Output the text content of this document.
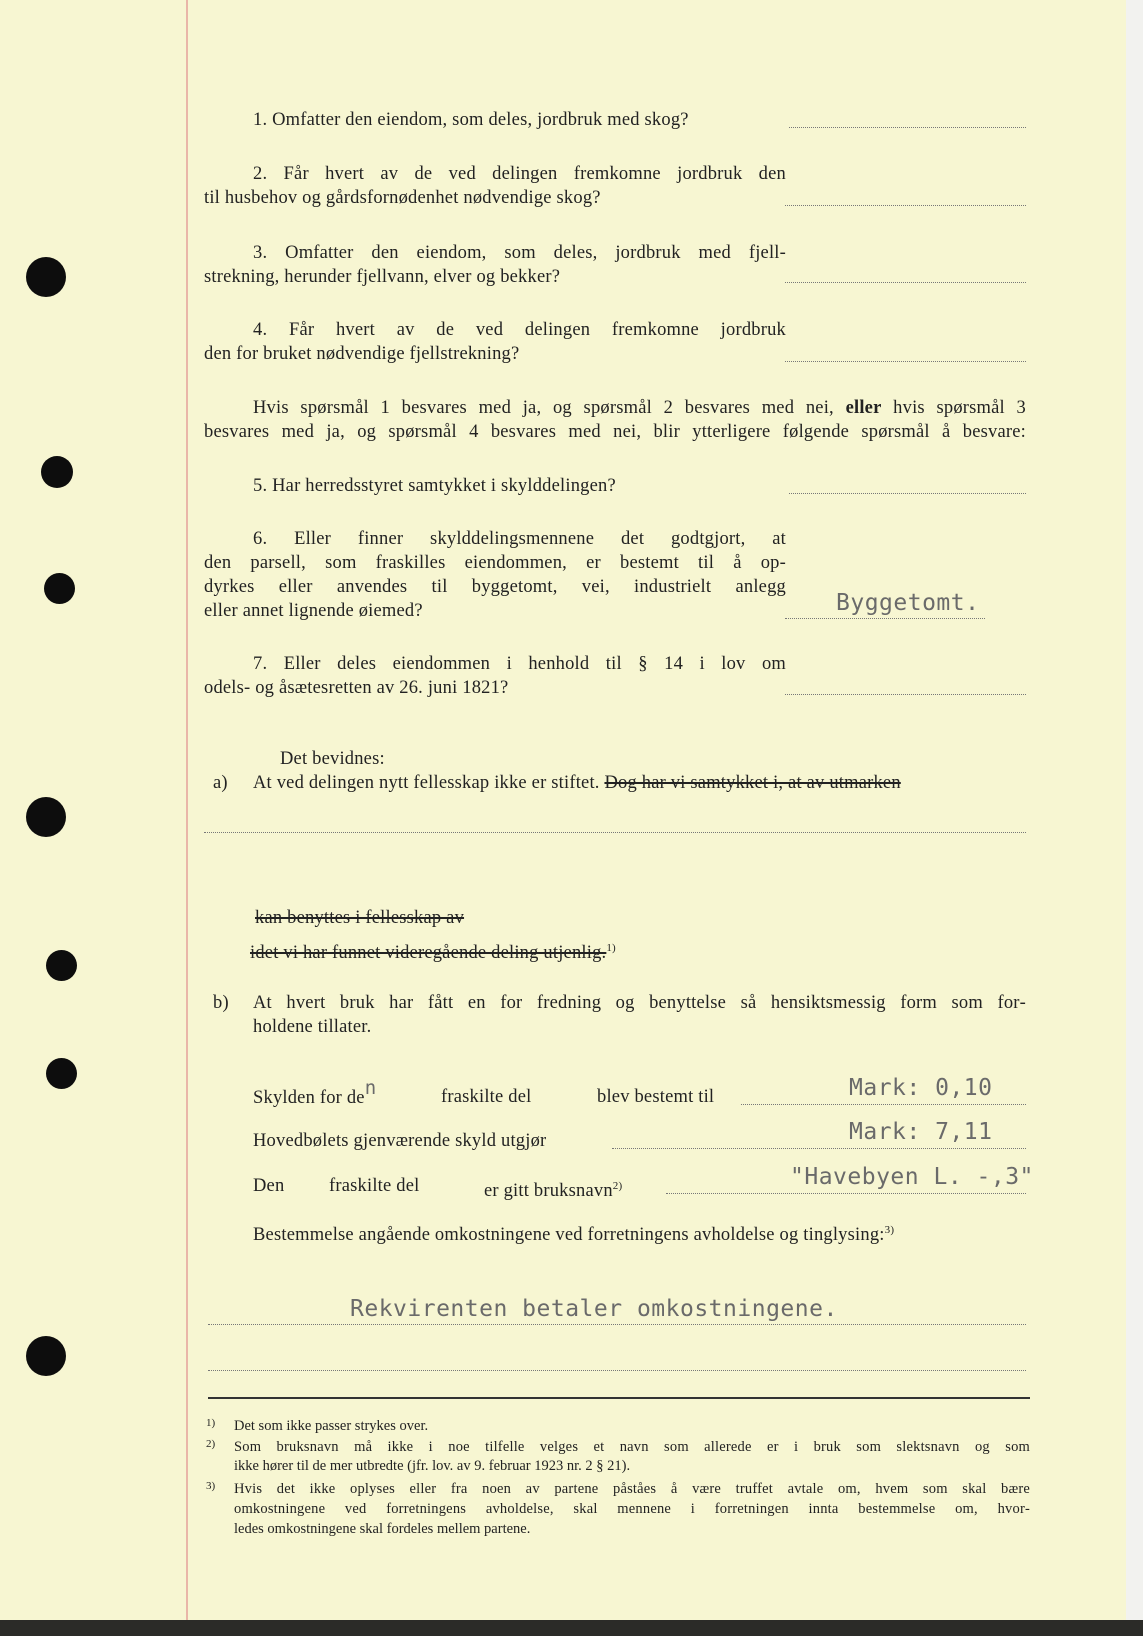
1. Omfatter den eiendom, som deles, jordbruk med skog?
2. Får hvert av de ved delingen fremkomne jordbruk den
til husbehov og gårdsfornødenhet nødvendige skog?
3. Omfatter den eiendom, som deles, jordbruk med fjell‑
strekning, herunder fjellvann, elver og bekker?
4. Får hvert av de ved delingen fremkomne jordbruk
den for bruket nødvendige fjellstrekning?
Hvis spørsmål 1 besvares med ja, og spørsmål 2 besvares med nei, eller hvis spørsmål 3
besvares med ja, og spørsmål 4 besvares med nei, blir ytterligere følgende spørsmål å besvare:
5. Har herredsstyret samtykket i skylddelingen?
6. Eller finner skylddelingsmennene det godtgjort, at
den parsell, som fraskilles eiendommen, er bestemt til å op‑
dyrkes eller anvendes til byggetomt, vei, industrielt anlegg
eller annet lignende øiemed?	Byggetomt.
7. Eller deles eiendommen i henhold til § 14 i lov om
odels‑ og åsætesretten av 26. juni 1821?
Det bevidnes:
a) At ved delingen nytt fellesskap ikke er stiftet. Dog har vi samtykket i, at av utmarken
kan benyttes i fellesskap av
idet vi har funnet videregående deling utjenlig.$^{1)}$
b) At hvert bruk har fått en for fredning og benyttelse så hensiktsmessig form som for‑
holdene tillater.
Skylden for den	fraskilte del	blev bestemt til	Mark: 0,10
Hovedbølets gjenværende skyld utgjør	Mark: 7,11
Den fraskilte del	er gitt bruksnavn$^{2)}$	"Havebyen L. -,3"
Bestemmelse angående omkostningene ved forretningens avholdelse og tinglysing:$^{3)}$
Rekvirenten betaler omkostningene.
1) Det som ikke passer strykes over.
2) Som bruksnavn må ikke i noe tilfelle velges et navn som allerede er i bruk som slektsnavn og som
ikke hører til de mer utbredte (jfr. lov. av 9. februar 1923 nr. 2 § 21).
3) Hvis det ikke oplyses eller fra noen av partene påståes å være truffet avtale om, hvem som skal bære
omkostningene ved forretningens avholdelse, skal mennene i forretningen innta bestemmelse om, hvor‑
ledes omkostningene skal fordeles mellem partene.
